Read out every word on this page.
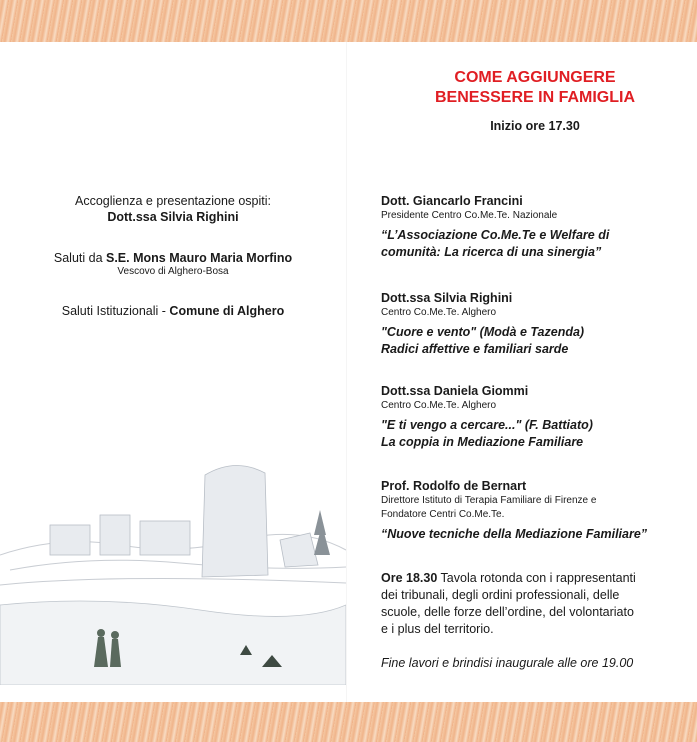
Accoglienza e presentazione ospiti:
Dott.ssa Silvia Righini
Saluti da S.E. Mons Mauro Maria Morfino
Vescovo di Alghero-Bosa
Saluti Istituzionali - Comune di Alghero
COME AGGIUNGERE
BENESSERE IN FAMIGLIA
Inizio ore 17.30
Dott. Giancarlo Francini
Presidente Centro Co.Me.Te. Nazionale
“L’Associazione Co.Me.Te e Welfare di
comunità: La ricerca di una sinergia”
Dott.ssa Silvia Righini
Centro Co.Me.Te. Alghero
"Cuore e vento" (Modà e Tazenda)
Radici affettive e familiari sarde
Dott.ssa Daniela Giommi
Centro Co.Me.Te. Alghero
"E ti vengo a cercare..." (F. Battiato)
La coppia in Mediazione Familiare
Prof. Rodolfo de Bernart
Direttore Istituto di Terapia Familiare di Firenze e
Fondatore Centri Co.Me.Te.
“Nuove tecniche della Mediazione Familiare”
Ore 18.30 Tavola rotonda con i rappresentanti
dei tribunali, degli ordini professionali, delle
scuole, delle forze dell’ordine, del volontariato
e i plus del territorio.
Fine lavori e brindisi inaugurale alle ore 19.00
